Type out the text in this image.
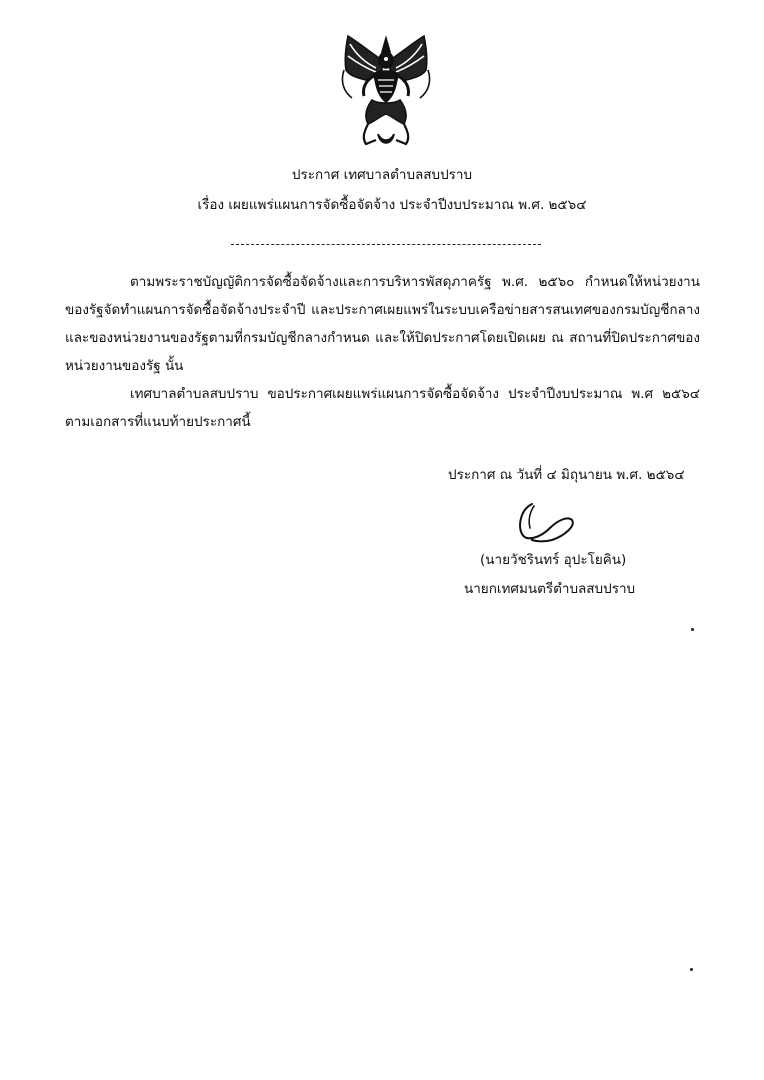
ประกาศ เทศบาลตำบลสบปราบ
เรื่อง เผยแพร่แผนการจัดซื้อจัดจ้าง ประจำปีงบประมาณ พ.ศ. ๒๕๖๔

ตามพระราชบัญญัติการจัดซื้อจัดจ้างและการบริหารพัสดุภาครัฐ พ.ศ. ๒๕๖๐ กำหนดให้หน่วยงานของรัฐจัดทำแผนการจัดซื้อจัดจ้างประจำปี และประกาศเผยแพร่ในระบบเครือข่ายสารสนเทศของกรมบัญชีกลางและของหน่วยงานของรัฐตามที่กรมบัญชีกลางกำหนด และให้ปิดประกาศโดยเปิดเผย ณ สถานที่ปิดประกาศของหน่วยงานของรัฐ นั้น

เทศบาลตำบลสบปราบ ขอประกาศเผยแพร่แผนการจัดซื้อจัดจ้าง ประจำปีงบประมาณ พ.ศ ๒๕๖๔ ตามเอกสารที่แนบท้ายประกาศนี้

ประกาศ ณ วันที่ ๔ มิถุนายน พ.ศ. ๒๕๖๔
(นายวัชรินทร์ อุปะโยคิน)
นายกเทศมนตรีตำบลสบปราบ
